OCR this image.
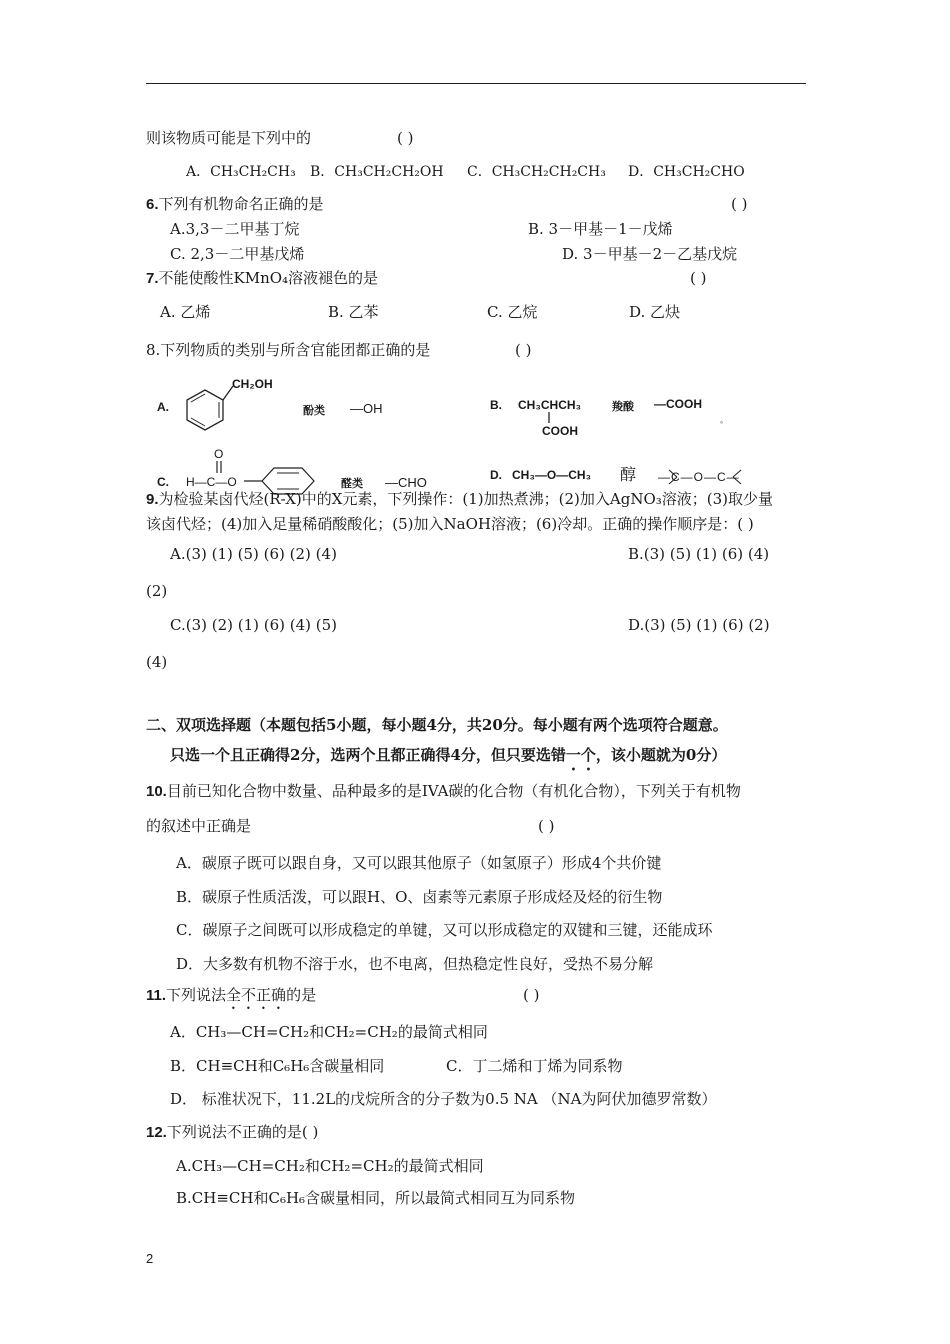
则该物质可能是下列中的	( )
A．CH₃CH₂CH₃ B．CH₃CH₂CH₂OH C．CH₃CH₂CH₂CH₃ D．CH₃CH₂CHO
6.下列有机物命名正确的是	( )
A.3,3－二甲基丁烷	B. 3－甲基－1－戊烯
C. 2,3－二甲基戊烯	D. 3－甲基－2－乙基戊烷
7.不能使酸性KMnO₄溶液褪色的是	( )
A. 乙烯	B. 乙苯	C. 乙烷	D. 乙炔
8.下列物质的类别与所含官能团都正确的是	( )
A.
CH₂OH
酚类 —OH	B. CH₃CHCH₃
COOH
羧酸 —COOH
°
C.
O
H—C—O	醛类 —CHO	D. CH₃—O—CH₃ 醇 —C—O—C—
9.为检验某卤代烃(R-X)中的X元素，下列操作：(1)加热煮沸；(2)加入AgNO₃溶液；(3)取少量
该卤代烃；(4)加入足量稀硝酸酸化；(5)加入NaOH溶液；(6)冷却。正确的操作顺序是：( )
A.(3) (1) (5) (6) (2) (4)	B.(3) (5) (1) (6) (4)
(2)
C.(3) (2) (1) (6) (4) (5)	D.(3) (5) (1) (6) (2)
(4)
二、双项选择题（本题包括5小题，每小题4分，共20分。每小题有两个选项符合题意。
只选一个且正确得2分，选两个且都正确得4分，但只要选错一个，该小题就为0分）
10.目前已知化合物中数量、品种最多的是IVA碳的化合物（有机化合物），下列关于有机物
的叙述中正确是	( )
A．碳原子既可以跟自身，又可以跟其他原子（如氢原子）形成4个共价键
B．碳原子性质活泼，可以跟H、O、卤素等元素原子形成烃及烃的衍生物
C．碳原子之间既可以形成稳定的单键，又可以形成稳定的双键和三键，还能成环
D．大多数有机物不溶于水，也不电离，但热稳定性良好，受热不易分解
11.下列说法全不正确的是	( )
A．CH₃—CH=CH₂和CH₂=CH₂的最简式相同
B．CH≡CH和C₆H₆含碳量相同	C．丁二烯和丁烯为同系物
D． 标准状况下，11.2L的戊烷所含的分子数为0.5 NA （NA为阿伏加德罗常数）
12.下列说法不正确的是( )
A.CH₃—CH=CH₂和CH₂=CH₂的最简式相同
B.CH≡CH和C₆H₆含碳量相同，所以最简式相同互为同系物
2
